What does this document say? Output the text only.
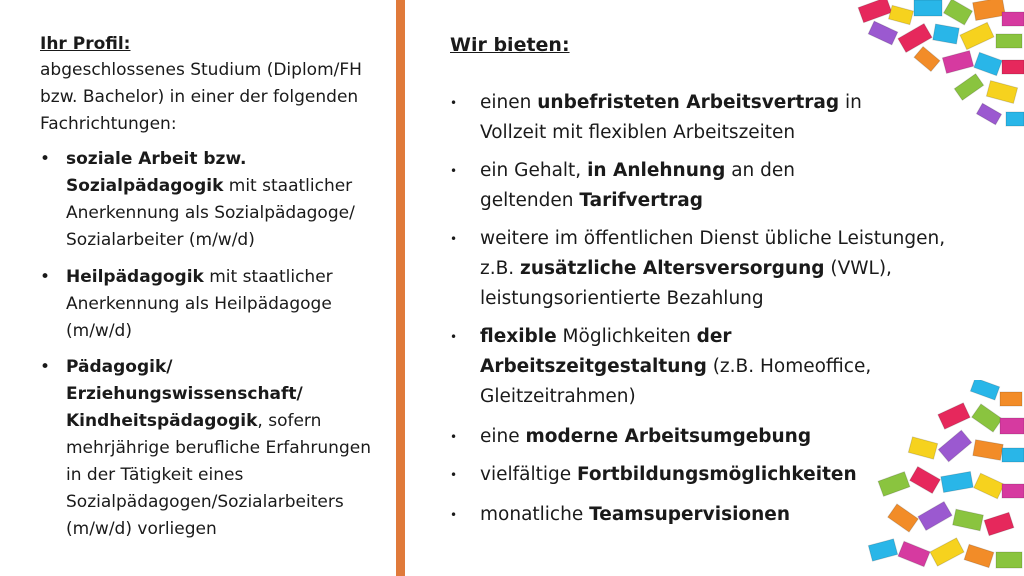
Ihr Profil:
abgeschlossenes Studium (Diplom/FH bzw. Bachelor) in einer der folgenden Fachrichtungen:
• soziale Arbeit bzw. Sozialpädagogik mit staatlicher Anerkennung als Sozialpädagoge/ Sozialarbeiter (m/w/d)
• Heilpädagogik mit staatlicher Anerkennung als Heilpädagoge (m/w/d)
• Pädagogik/ Erziehungswissenschaft/ Kindheitspädagogik, sofern mehrjährige berufliche Erfahrungen in der Tätigkeit eines Sozialpädagogen/Sozialarbeiters (m/w/d) vorliegen
Wir bieten:
• einen unbefristeten Arbeitsvertrag in Vollzeit mit flexiblen Arbeitszeiten
• ein Gehalt, in Anlehnung an den geltenden Tarifvertrag
• weitere im öffentlichen Dienst übliche Leistungen, z.B. zusätzliche Altersversorgung (VWL), leistungsorientierte Bezahlung
• flexible Möglichkeiten der Arbeitszeitgestaltung (z.B. Homeoffice, Gleitzeitrahmen)
• eine moderne Arbeitsumgebung
• vielfältige Fortbildungsmöglichkeiten
• monatliche Teamsupervisionen
